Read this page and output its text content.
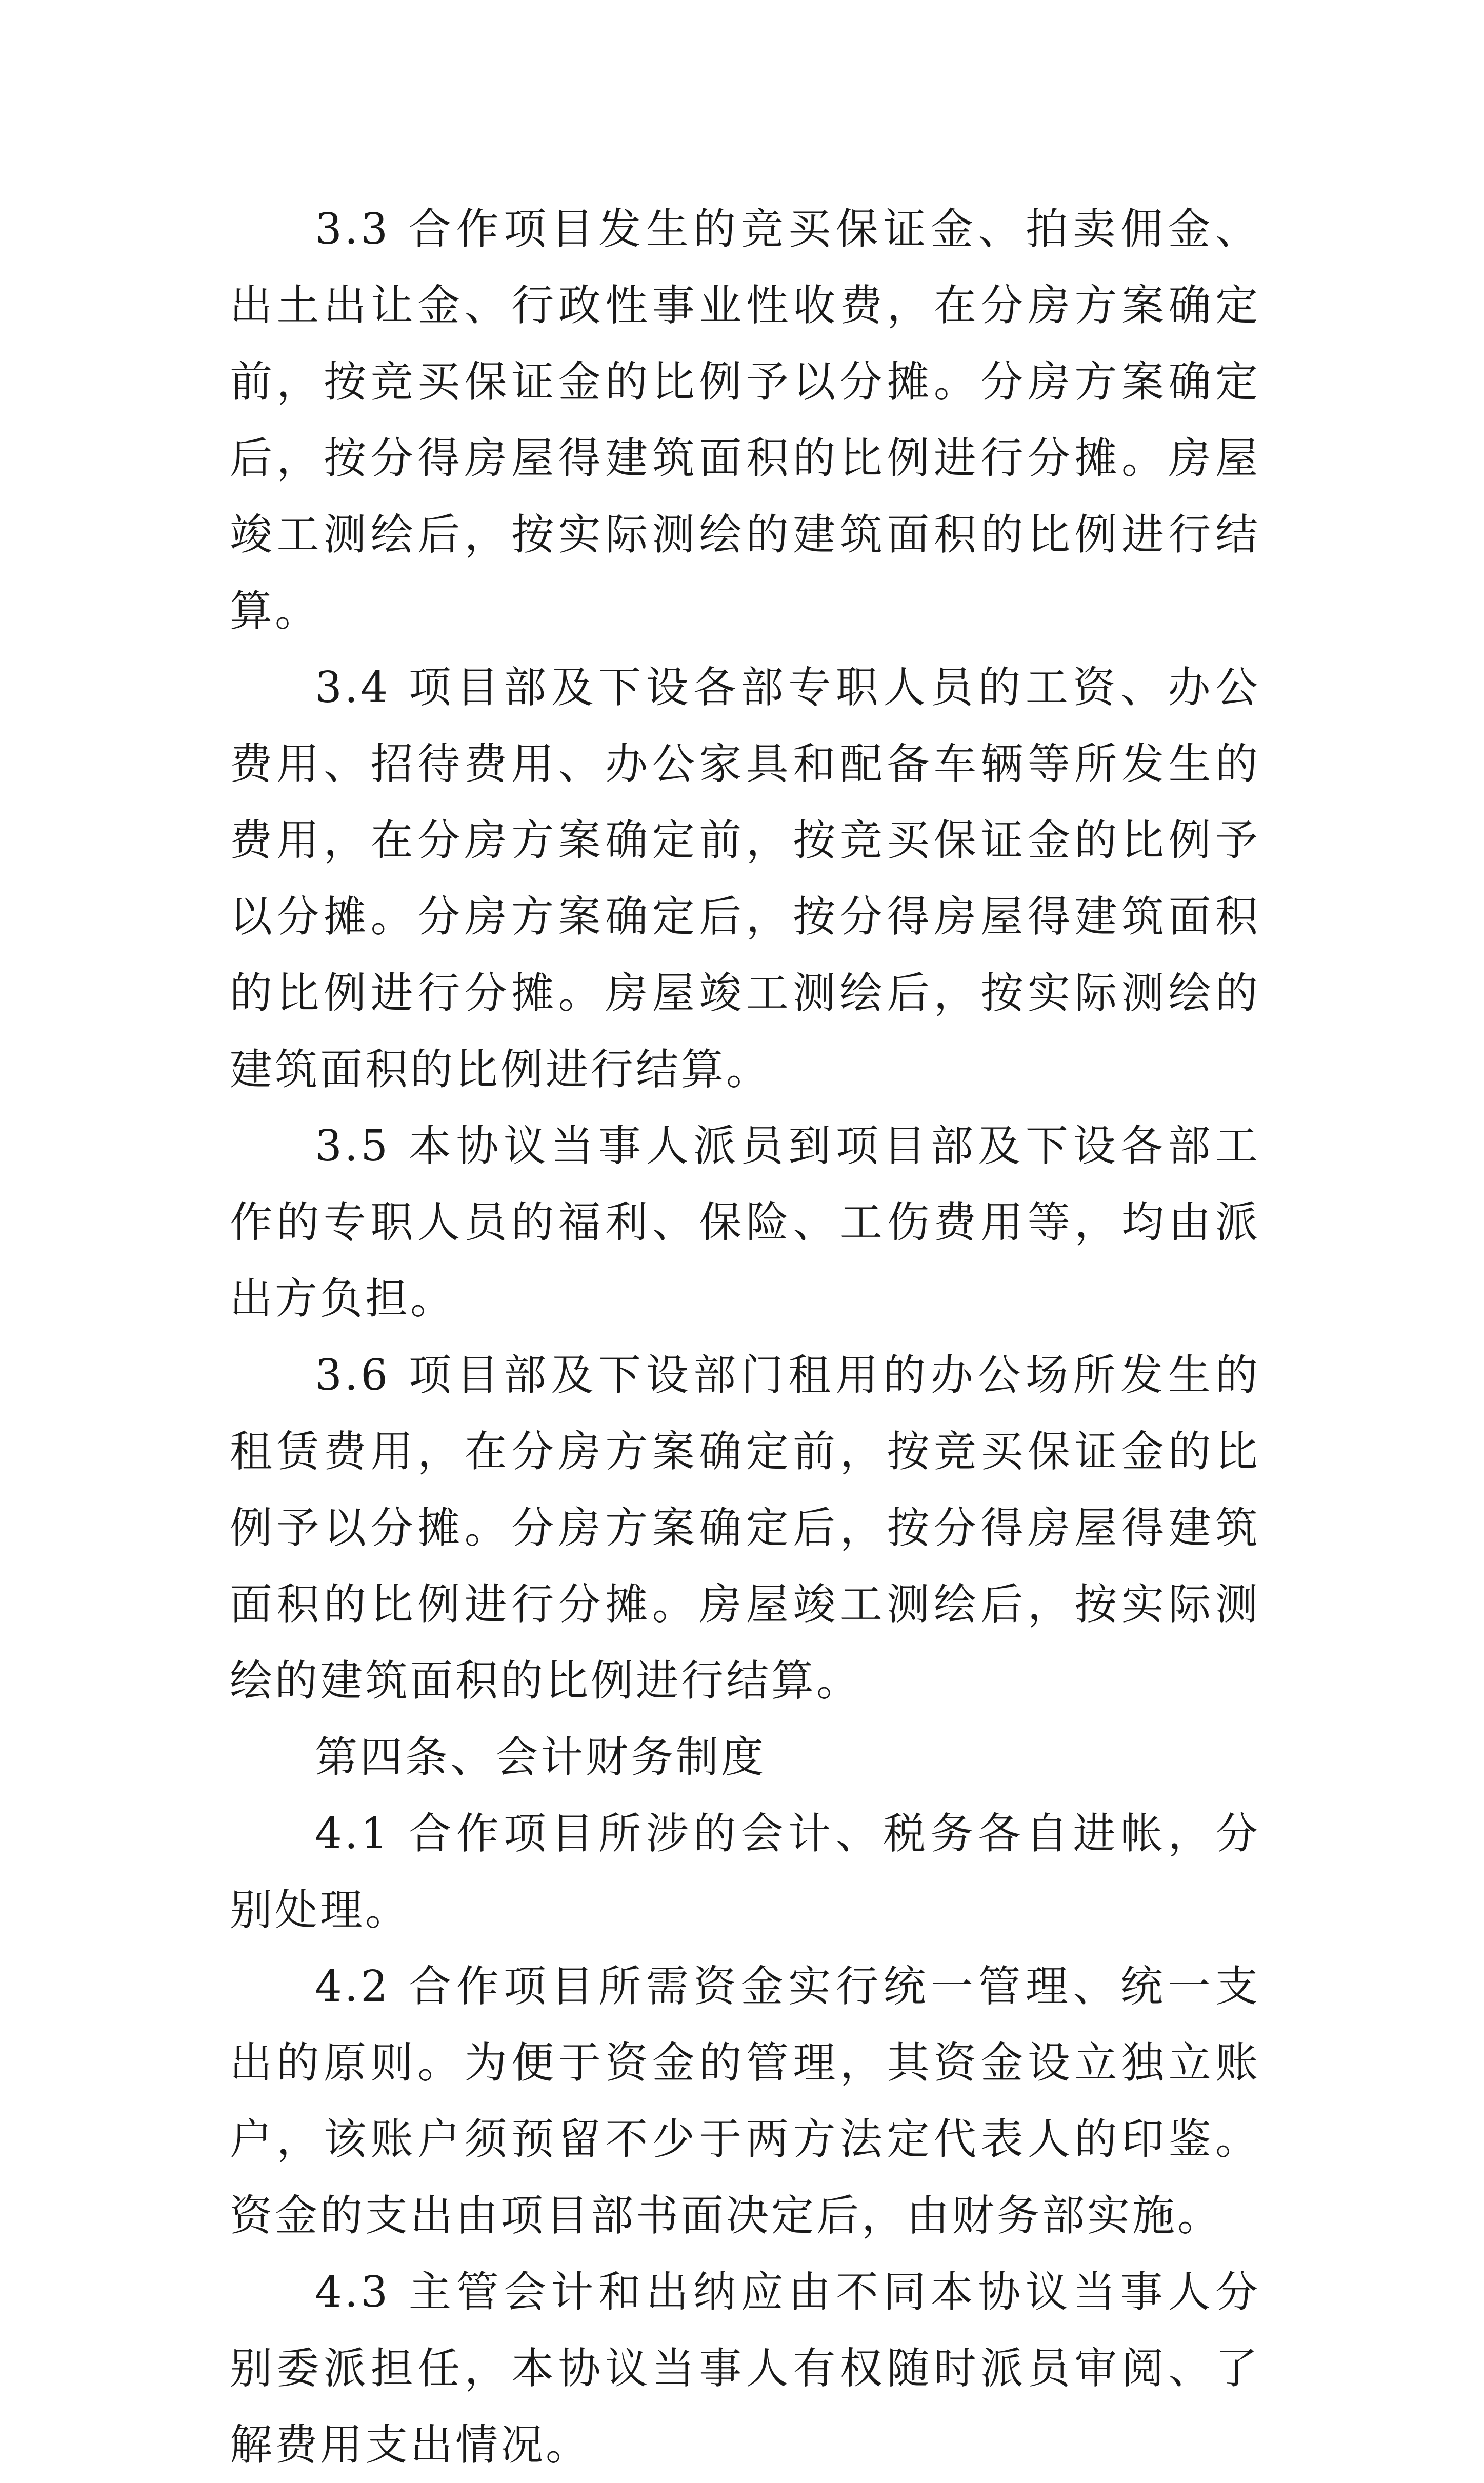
3.3 合作项目发生的竞买保证金、拍卖佣金、出土出让金、行政性事业性收费，在分房方案确定前，按竞买保证金的比例予以分摊。分房方案确定后，按分得房屋得建筑面积的比例进行分摊。房屋竣工测绘后，按实际测绘的建筑面积的比例进行结算。

3.4 项目部及下设各部专职人员的工资、办公费用、招待费用、办公家具和配备车辆等所发生的费用，在分房方案确定前，按竞买保证金的比例予以分摊。分房方案确定后，按分得房屋得建筑面积的比例进行分摊。房屋竣工测绘后，按实际测绘的建筑面积的比例进行结算。

3.5 本协议当事人派员到项目部及下设各部工作的专职人员的福利、保险、工伤费用等，均由派出方负担。

3.6 项目部及下设部门租用的办公场所发生的租赁费用，在分房方案确定前，按竞买保证金的比例予以分摊。分房方案确定后，按分得房屋得建筑面积的比例进行分摊。房屋竣工测绘后，按实际测绘的建筑面积的比例进行结算。

第四条、会计财务制度

4.1 合作项目所涉的会计、税务各自进帐，分别处理。

4.2 合作项目所需资金实行统一管理、统一支出的原则。为便于资金的管理，其资金设立独立账户，该账户须预留不少于两方法定代表人的印鉴。资金的支出由项目部书面决定后，由财务部实施。

4.3 主管会计和出纳应由不同本协议当事人分别委派担任，本协议当事人有权随时派员审阅、了解费用支出情况。
